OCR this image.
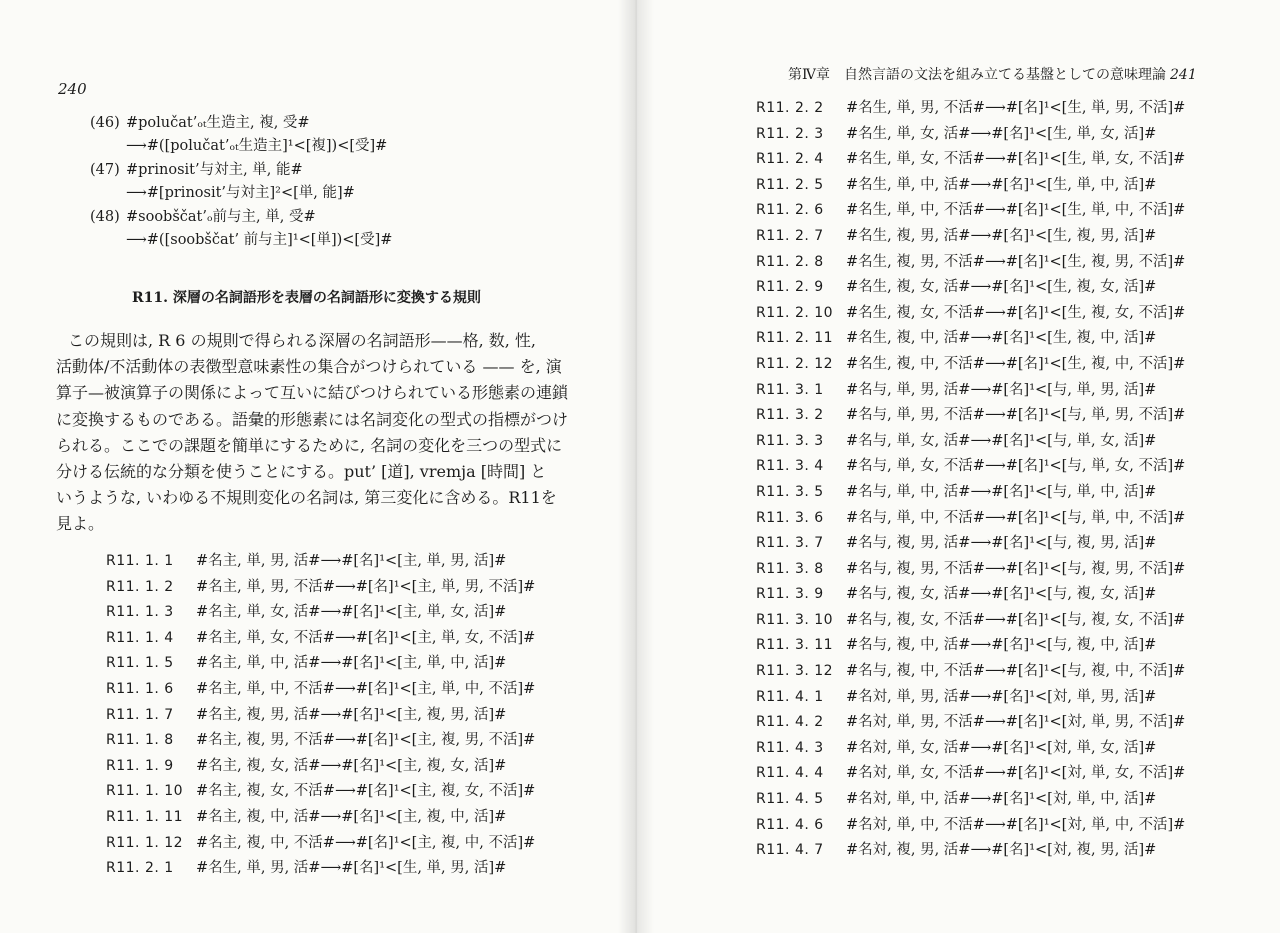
240
(46) #polučat’ₒₜ生造主, 複, 受#
⟶#([polučat’ₒₜ生造主]¹<[複])<[受]#
(47) #prinosit’与対主, 単, 能#
⟶#[prinosit’与対主]²<[単, 能]#
(48) #soobščat’ₒ前与主, 単, 受#
⟶#([soobščat’ 前与主]¹<[単])<[受]#
R11. 深層の名詞語形を表層の名詞語形に変換する規則
この規則は, R 6 の規則で得られる深層の名詞語形——格, 数, 性,
活動体/不活動体の表徴型意味素性の集合がつけられている —— を, 演
算子—被演算子の関係によって互いに結びつけられている形態素の連鎖
に変換するものである。語彙的形態素には名詞変化の型式の指標がつけ
られる。ここでの課題を簡単にするために, 名詞の変化を三つの型式に
分ける伝統的な分類を使うことにする。put’ [道], vremja [時間] と
いうような, いわゆる不規則変化の名詞は, 第三変化に含める。R11を
見よ。
R11. 1. 1 #名主, 単, 男, 活#⟶#[名]¹<[主, 単, 男, 活]#
R11. 1. 2 #名主, 単, 男, 不活#⟶#[名]¹<[主, 単, 男, 不活]#
R11. 1. 3 #名主, 単, 女, 活#⟶#[名]¹<[主, 単, 女, 活]#
R11. 1. 4 #名主, 単, 女, 不活#⟶#[名]¹<[主, 単, 女, 不活]#
R11. 1. 5 #名主, 単, 中, 活#⟶#[名]¹<[主, 単, 中, 活]#
R11. 1. 6 #名主, 単, 中, 不活#⟶#[名]¹<[主, 単, 中, 不活]#
R11. 1. 7 #名主, 複, 男, 活#⟶#[名]¹<[主, 複, 男, 活]#
R11. 1. 8 #名主, 複, 男, 不活#⟶#[名]¹<[主, 複, 男, 不活]#
R11. 1. 9 #名主, 複, 女, 活#⟶#[名]¹<[主, 複, 女, 活]#
R11. 1. 10 #名主, 複, 女, 不活#⟶#[名]¹<[主, 複, 女, 不活]#
R11. 1. 11 #名主, 複, 中, 活#⟶#[名]¹<[主, 複, 中, 活]#
R11. 1. 12 #名主, 複, 中, 不活#⟶#[名]¹<[主, 複, 中, 不活]#
R11. 2. 1 #名生, 単, 男, 活#⟶#[名]¹<[生, 単, 男, 活]#
第Ⅳ章　自然言語の文法を組み立てる基盤としての意味理論 241
R11. 2. 2 #名生, 単, 男, 不活#⟶#[名]¹<[生, 単, 男, 不活]#
R11. 2. 3 #名生, 単, 女, 活#⟶#[名]¹<[生, 単, 女, 活]#
R11. 2. 4 #名生, 単, 女, 不活#⟶#[名]¹<[生, 単, 女, 不活]#
R11. 2. 5 #名生, 単, 中, 活#⟶#[名]¹<[生, 単, 中, 活]#
R11. 2. 6 #名生, 単, 中, 不活#⟶#[名]¹<[生, 単, 中, 不活]#
R11. 2. 7 #名生, 複, 男, 活#⟶#[名]¹<[生, 複, 男, 活]#
R11. 2. 8 #名生, 複, 男, 不活#⟶#[名]¹<[生, 複, 男, 不活]#
R11. 2. 9 #名生, 複, 女, 活#⟶#[名]¹<[生, 複, 女, 活]#
R11. 2. 10 #名生, 複, 女, 不活#⟶#[名]¹<[生, 複, 女, 不活]#
R11. 2. 11 #名生, 複, 中, 活#⟶#[名]¹<[生, 複, 中, 活]#
R11. 2. 12 #名生, 複, 中, 不活#⟶#[名]¹<[生, 複, 中, 不活]#
R11. 3. 1 #名与, 単, 男, 活#⟶#[名]¹<[与, 単, 男, 活]#
R11. 3. 2 #名与, 単, 男, 不活#⟶#[名]¹<[与, 単, 男, 不活]#
R11. 3. 3 #名与, 単, 女, 活#⟶#[名]¹<[与, 単, 女, 活]#
R11. 3. 4 #名与, 単, 女, 不活#⟶#[名]¹<[与, 単, 女, 不活]#
R11. 3. 5 #名与, 単, 中, 活#⟶#[名]¹<[与, 単, 中, 活]#
R11. 3. 6 #名与, 単, 中, 不活#⟶#[名]¹<[与, 単, 中, 不活]#
R11. 3. 7 #名与, 複, 男, 活#⟶#[名]¹<[与, 複, 男, 活]#
R11. 3. 8 #名与, 複, 男, 不活#⟶#[名]¹<[与, 複, 男, 不活]#
R11. 3. 9 #名与, 複, 女, 活#⟶#[名]¹<[与, 複, 女, 活]#
R11. 3. 10 #名与, 複, 女, 不活#⟶#[名]¹<[与, 複, 女, 不活]#
R11. 3. 11 #名与, 複, 中, 活#⟶#[名]¹<[与, 複, 中, 活]#
R11. 3. 12 #名与, 複, 中, 不活#⟶#[名]¹<[与, 複, 中, 不活]#
R11. 4. 1 #名対, 単, 男, 活#⟶#[名]¹<[対, 単, 男, 活]#
R11. 4. 2 #名対, 単, 男, 不活#⟶#[名]¹<[対, 単, 男, 不活]#
R11. 4. 3 #名対, 単, 女, 活#⟶#[名]¹<[対, 単, 女, 活]#
R11. 4. 4 #名対, 単, 女, 不活#⟶#[名]¹<[対, 単, 女, 不活]#
R11. 4. 5 #名対, 単, 中, 活#⟶#[名]¹<[対, 単, 中, 活]#
R11. 4. 6 #名対, 単, 中, 不活#⟶#[名]¹<[対, 単, 中, 不活]#
R11. 4. 7 #名対, 複, 男, 活#⟶#[名]¹<[対, 複, 男, 活]#
